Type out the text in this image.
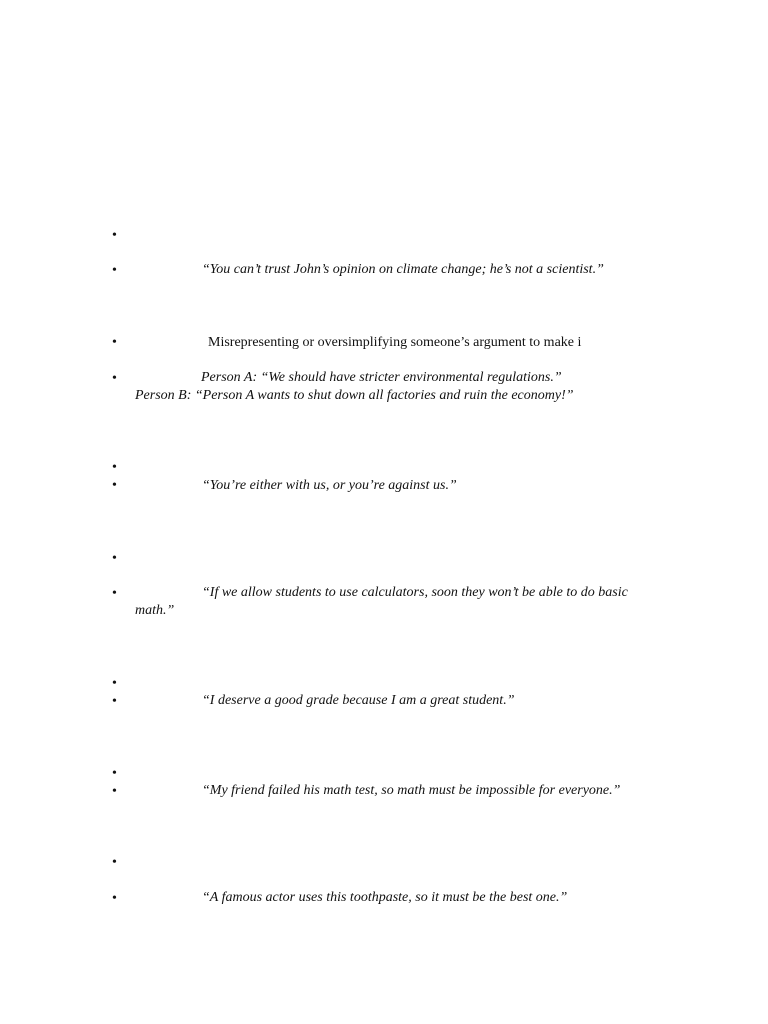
•
•	“You can’t trust John’s opinion on climate change; he’s not a scientist.”
•	Misrepresenting or oversimplifying someone’s argument to make i
•	Person A: “We should have stricter environmental regulations.”
Person B: “Person A wants to shut down all factories and ruin the economy!”
•
•	“You’re either with us, or you’re against us.”
•
•	“If we allow students to use calculators, soon they won’t be able to do basic
math.”
•
•	“I deserve a good grade because I am a great student.”
•
•	“My friend failed his math test, so math must be impossible for everyone.”
•
•	“A famous actor uses this toothpaste, so it must be the best one.”
